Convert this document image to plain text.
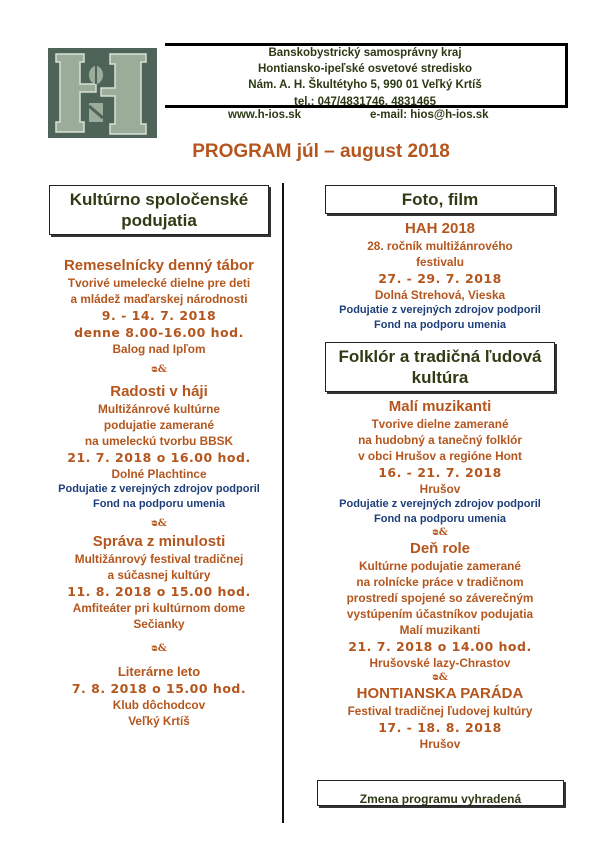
Banskobystrický samosprávny kraj
Hontiansko-ipeľské osvetové stredisko
Nám. A. H. Škultétyho 5, 990 01 Veľký Krtíš
tel.: 047/4831746, 4831465
www.h-ios.sk	e-mail: hios@h-ios.sk
PROGRAM júl – august 2018
Kultúrno spoločenské podujatia
Remeselnícky denný tábor
Tvorivé umelecké dielne pre deti
a mládež maďarskej národnosti
9. - 14. 7. 2018
denne 8.00-16.00 hod.
Balog nad Ipľom
ᴓ&
Radosti v háji
Multižánrové kultúrne
podujatie zamerané
na umeleckú tvorbu BBSK
21. 7. 2018 o 16.00 hod.
Dolné Plachtince
Podujatie z verejných zdrojov podporil
Fond na podporu umenia
ᴓ&
Správa z minulosti
Multižánrový festival tradičnej
a súčasnej kultúry
11. 8. 2018 o 15.00 hod.
Amfiteáter pri kultúrnom dome
Sečianky
ᴓ&
Literárne leto
7. 8. 2018 o 15.00 hod.
Klub dôchodcov
Veľký Krtíš
Foto, film
HAH 2018
28. ročník multižánrového
festivalu
27. - 29. 7. 2018
Dolná Strehová, Vieska
Podujatie z verejných zdrojov podporil
Fond na podporu umenia
Folklór a tradičná ľudová kultúra
Malí muzikanti
Tvorive dielne zamerané
na hudobný a tanečný folklór
v obci Hrušov a regióne Hont
16. - 21. 7. 2018
Hrušov
Podujatie z verejných zdrojov podporil
Fond na podporu umenia
ᴓ&
Deň role
Kultúrne podujatie zamerané
na rolnícke práce v tradičnom
prostredí spojené so záverečným
vystúpením účastníkov podujatia
Malí muzikanti
21. 7. 2018 o 14.00 hod.
Hrušovské lazy-Chrastov
ᴓ&
HONTIANSKA PARÁDA
Festival tradičnej ľudovej kultúry
17. - 18. 8. 2018
Hrušov
Zmena programu vyhradená
